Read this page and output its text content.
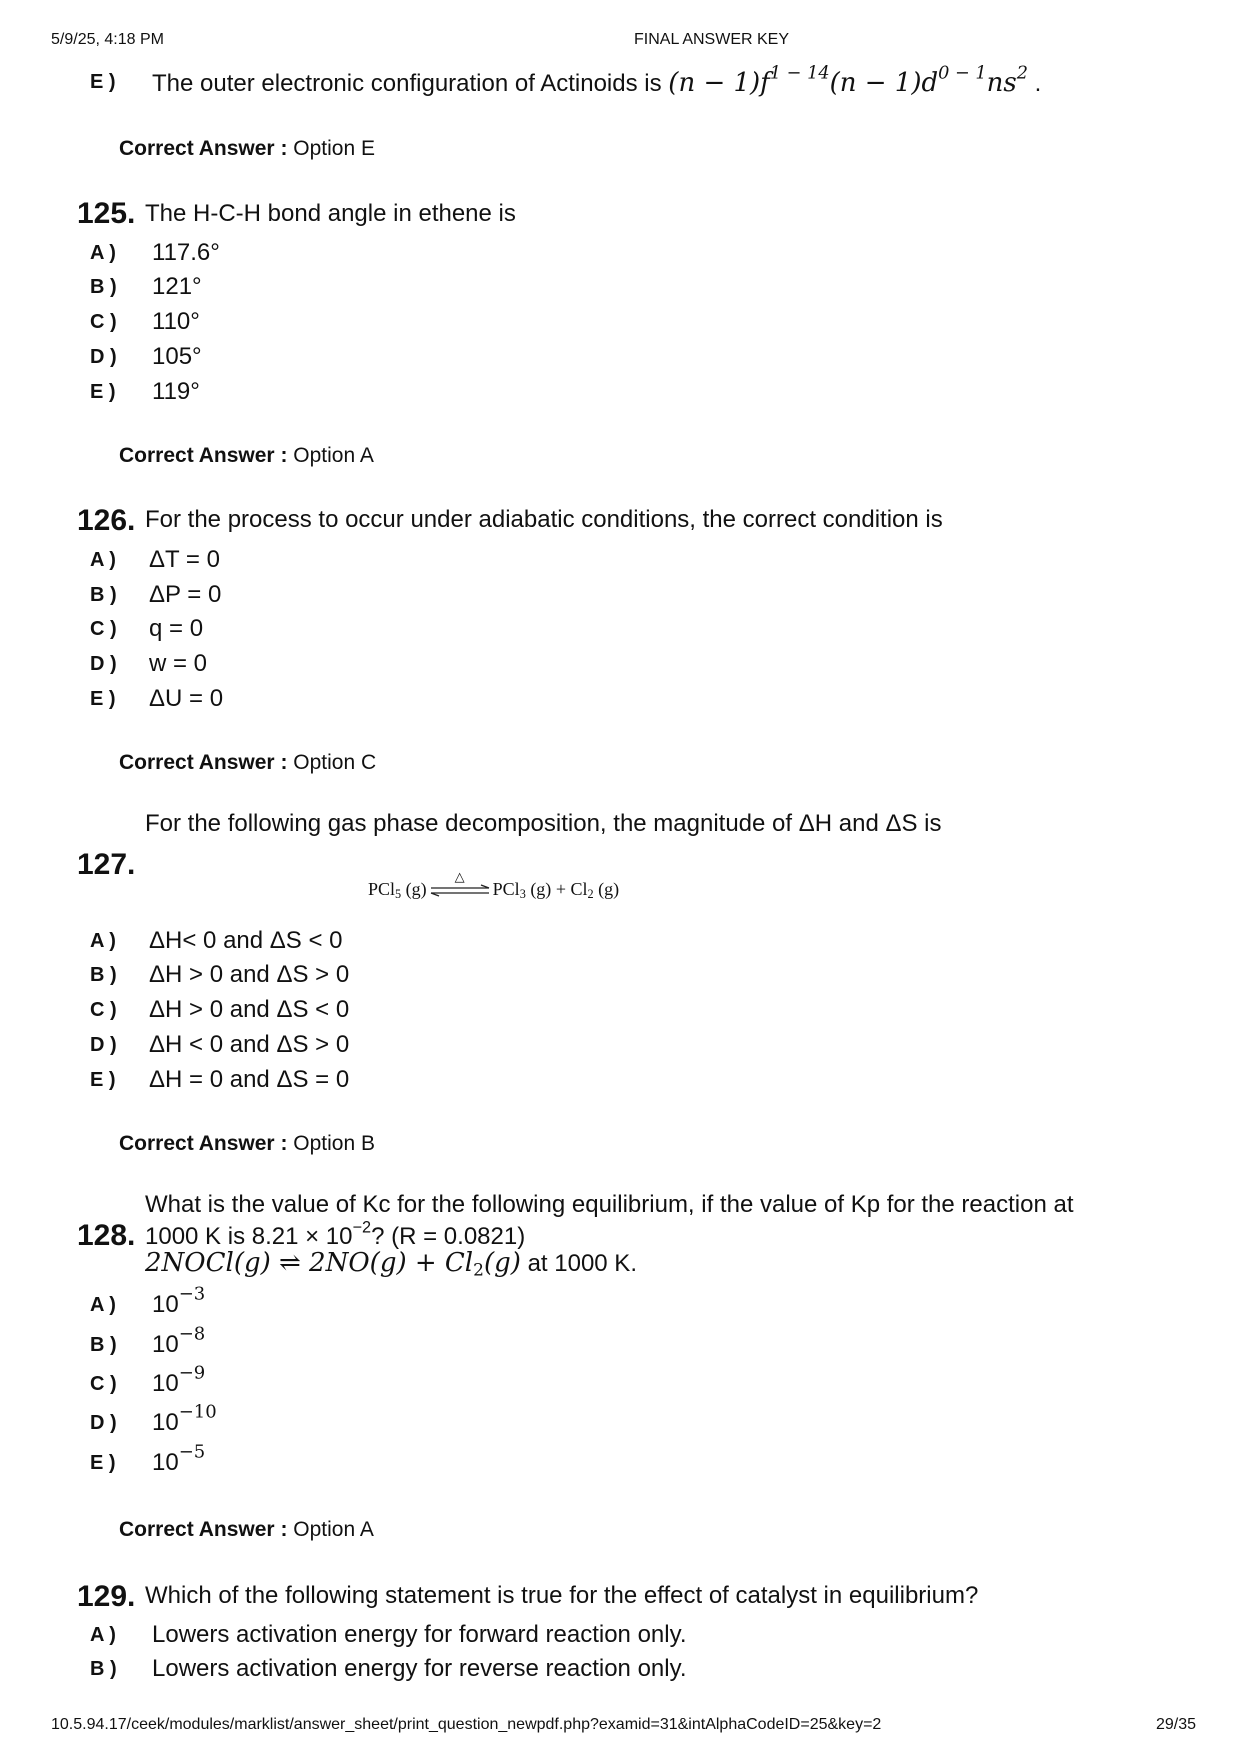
5/9/25, 4:18 PM	FINAL ANSWER KEY
E ) The outer electronic configuration of Actinoids is $(n - 1)f^{1 - 14}(n - 1)d^{0 - 1}ns^2$ .
Correct Answer : Option E
125. The H-C-H bond angle in ethene is
Correct Answer : Option A
126. For the process to occur under adiabatic conditions, the correct condition is
Correct Answer : Option C
For the following gas phase decomposition, the magnitude of ΔH and ΔS is
127.
PCl$_5$ (g)
△
PCl$_3$ $(g) + Cl_2$ (g)
Correct Answer : Option B
What is the value of Kc for the following equilibrium, if the value of Kp for the reaction at
128. 1000 K is $8.21 \times 10^{-2}$? (R = 0.0821)
2NOCl(g) ⇌ $2NO(g) + Cl_2(g)$ at 1000 K.
Correct Answer : Option A
129. Which of the following statement is true for the effect of catalyst in equilibrium?
10.5.94.17/ceek/modules/marklist/answer_sheet/print_question_newpdf.php?examid=31&intAlphaCodeID=25&key=2	29/35
A ) 117.6°
B ) 121°
C ) 110°
D ) 105°
E ) 119°
A ) ΔT = 0
B ) ΔP = 0
C ) q = 0
D ) w = 0
E ) ΔU = 0
A ) ΔH< 0 and ΔS < 0
B ) ΔH > 0 and ΔS > 0
C ) ΔH > 0 and ΔS < 0
D ) ΔH < 0 and ΔS > 0
E ) ΔH = 0 and ΔS = 0
A ) $10^{-3}$
B ) $10^{-8}$
C ) $10^{-9}$
D ) $10^{-10}$
E ) $10^{-5}$
A ) Lowers activation energy for forward reaction only.
B ) Lowers activation energy for reverse reaction only.
